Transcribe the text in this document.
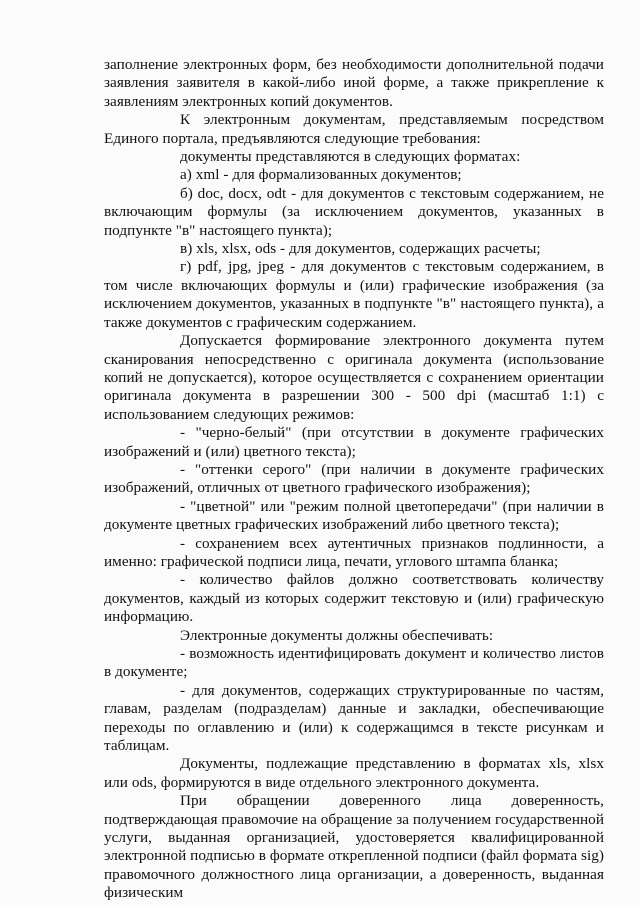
заполнение электронных форм, без необходимости дополнительной подачи заявления заявителя в какой-либо иной форме, а также прикрепление к заявлениям электронных копий документов.

К электронным документам, представляемым посредством Единого портала, предъявляются следующие требования:

документы представляются в следующих форматах:

а) xml - для формализованных документов;

б) doc, docx, odt - для документов с текстовым содержанием, не включающим формулы (за исключением документов, указанных в подпункте "в" настоящего пункта);

в) xls, xlsx, ods - для документов, содержащих расчеты;

г) pdf, jpg, jpeg - для документов с текстовым содержанием, в том числе включающих формулы и (или) графические изображения (за исключением документов, указанных в подпункте "в" настоящего пункта), а также документов с графическим содержанием.

Допускается формирование электронного документа путем сканирования непосредственно с оригинала документа (использование копий не допускается), которое осуществляется с сохранением ориентации оригинала документа в разрешении 300 - 500 dpi (масштаб 1:1) с использованием следующих режимов:

- "черно-белый" (при отсутствии в документе графических изображений и (или) цветного текста);

- "оттенки серого" (при наличии в документе графических изображений, отличных от цветного графического изображения);

- "цветной" или "режим полной цветопередачи" (при наличии в документе цветных графических изображений либо цветного текста);

- сохранением всех аутентичных признаков подлинности, а именно: графической подписи лица, печати, углового штампа бланка;

- количество файлов должно соответствовать количеству документов, каждый из которых содержит текстовую и (или) графическую информацию.

Электронные документы должны обеспечивать:

- возможность идентифицировать документ и количество листов в документе;

- для документов, содержащих структурированные по частям, главам, разделам (подразделам) данные и закладки, обеспечивающие переходы по оглавлению и (или) к содержащимся в тексте рисункам и таблицам.

Документы, подлежащие представлению в форматах xls, xlsx или ods, формируются в виде отдельного электронного документа.

При обращении доверенного лица доверенность, подтверждающая правомочие на обращение за получением государственной услуги, выданная организацией, удостоверяется квалифицированной электронной подписью в формате открепленной подписи (файл формата sig) правомочного должностного лица организации, а доверенность, выданная физическим
